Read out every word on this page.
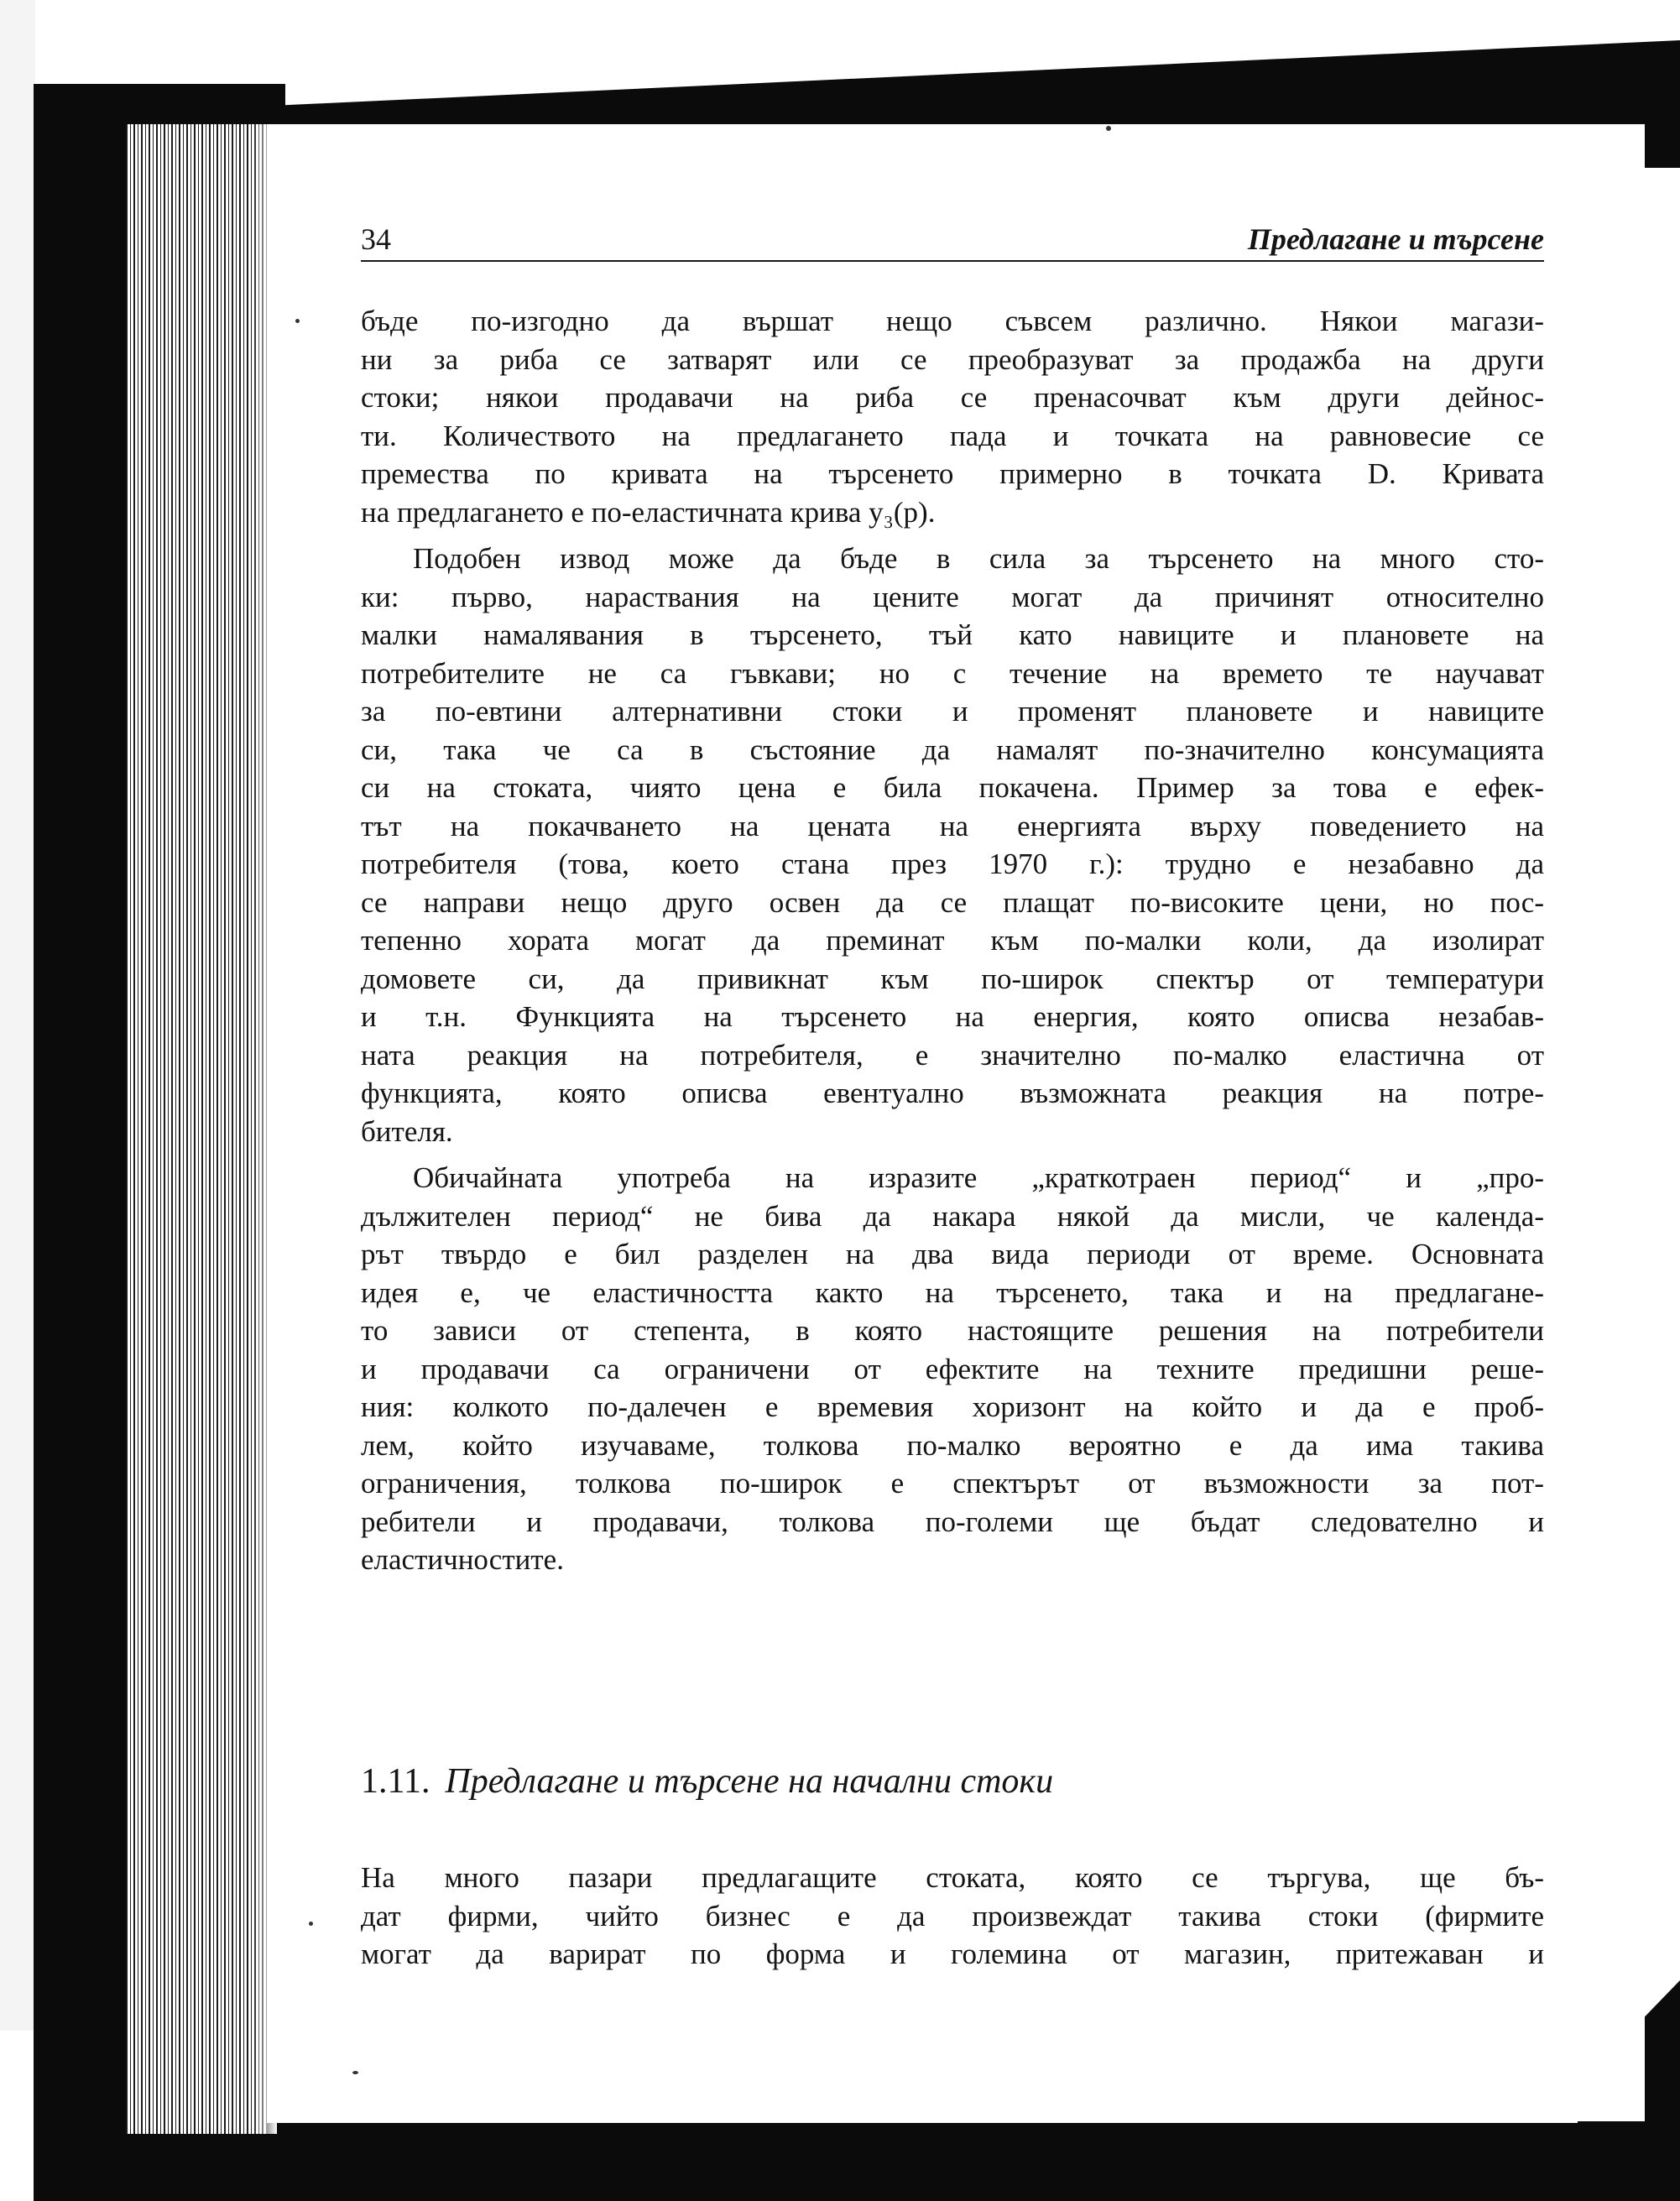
34	Предлагане и търсене
бъде по-изгодно да вършат нещо съвсем различно. Някои магази-
ни за риба се затварят или се преобразуват за продажба на други
стоки; някои продавачи на риба се пренасочват към други дейнос-
ти. Количеството на предлагането пада и точката на равновесие се
премества по кривата на търсенето примерно в точката D. Кривата
на предлагането е по-еластичната крива y₃(p).
Подобен извод може да бъде в сила за търсенето на много сто-
ки: първо, нараствания на цените могат да причинят относително
малки намалявания в търсенето, тъй като навиците и плановете на
потребителите не са гъвкави; но с течение на времето те научават
за по-евтини алтернативни стоки и променят плановете и навиците
си, така че са в състояние да намалят по-значително консумацията
си на стоката, чиято цена е била покачена. Пример за това е ефек-
тът на покачването на цената на енергията върху поведението на
потребителя (това, което стана през 1970 г.): трудно е незабавно да
се направи нещо друго освен да се плащат по-високите цени, но пос-
тепенно хората могат да преминат към по-малки коли, да изолират
домовете си, да привикнат към по-широк спектър от температури
и т.н. Функцията на търсенето на енергия, която описва незабав-
ната реакция на потребителя, е значително по-малко еластична от
функцията, която описва евентуално възможната реакция на потре-
бителя.
Обичайната употреба на изразите „краткотраен период“ и „про-
дължителен период“ не бива да накара някой да мисли, че календа-
рът твърдо е бил разделен на два вида периоди от време. Основната
идея е, че еластичността както на търсенето, така и на предлагане-
то зависи от степента, в която настоящите решения на потребители
и продавачи са ограничени от ефектите на техните предишни реше-
ния: колкото по-далечен е времевия хоризонт на който и да е проб-
лем, който изучаваме, толкова по-малко вероятно е да има такива
ограничения, толкова по-широк е спектърът от възможности за пот-
ребители и продавачи, толкова по-големи ще бъдат следователно и
еластичностите.
1.11. Предлагане и търсене на начални стоки
На много пазари предлагащите стоката, която се търгува, ще бъ-
дат фирми, чийто бизнес е да произвеждат такива стоки (фирмите
могат да варират по форма и големина от магазин, притежаван и
